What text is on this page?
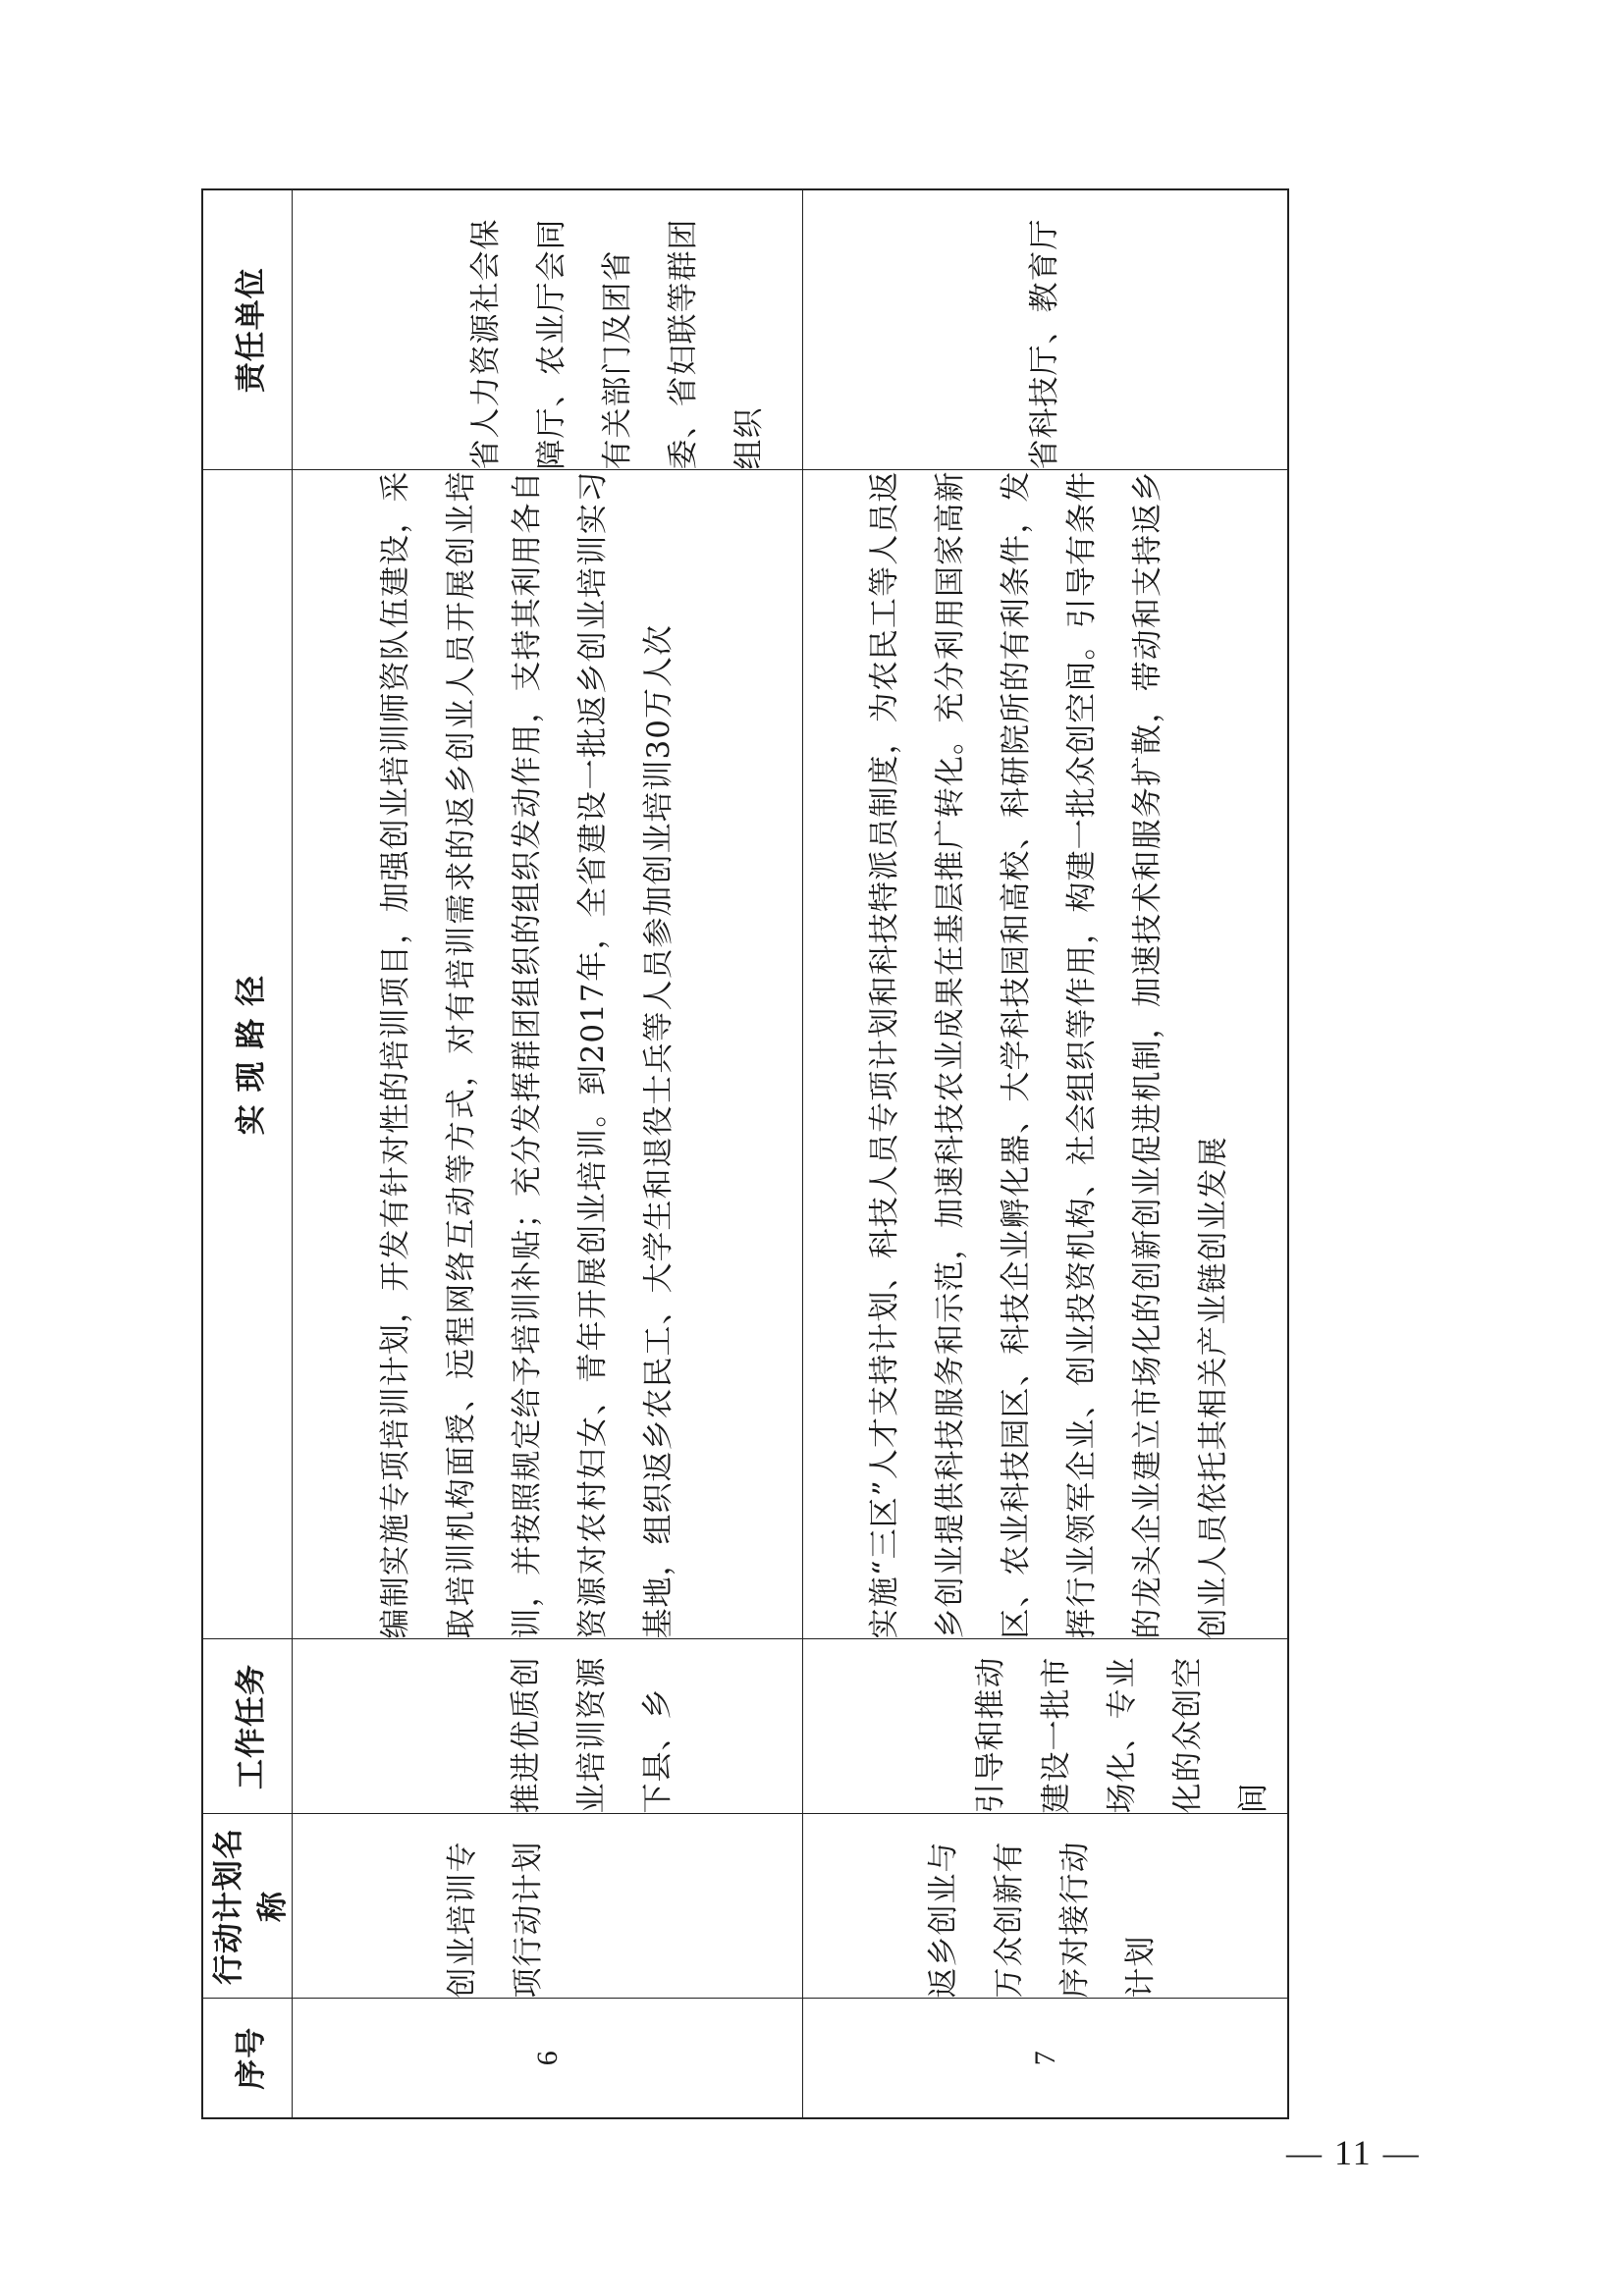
序号	行动计划名称	工作任务	实 现 路 径	责任单位
6	创业培训专项行动计划	推进优质创业培训资源下县、乡	编制实施专项培训计划，开发有针对性的培训项目，加强创业培训师资队伍建设，采取培训机构面授、远程网络互动等方式，对有培训需求的返乡创业人员开展创业培训，并按照规定给予培训补贴；充分发挥群团组织的组织发动作用，支持其利用各自资源对农村妇女、青年开展创业培训。到2017年，全省建设一批返乡创业培训实习基地，组织返乡农民工、大学生和退役士兵等人员参加创业培训30万人次	省人力资源社会保障厅、农业厅会同有关部门及团省委、省妇联等群团组织

7	返乡创业与万众创新有序对接行动计划	引导和推动建设一批市场化、专业化的众创空间	实施“三区”人才支持计划、科技人员专项计划和科技特派员制度，为农民工等人员返乡创业提供科技服务和示范，加速科技农业成果在基层推广转化。充分利用国家高新区、农业科技园区、科技企业孵化器、大学科技园和高校、科研院所的有利条件，发挥行业领军企业、创业投资机构、社会组织等作用，构建一批众创空间。引导有条件的龙头企业建立市场化的创新创业促进机制，加速技术和服务扩散，带动和支持返乡创业人员依托其相关产业链创业发展	省科技厅、教育厅
— 11 —
